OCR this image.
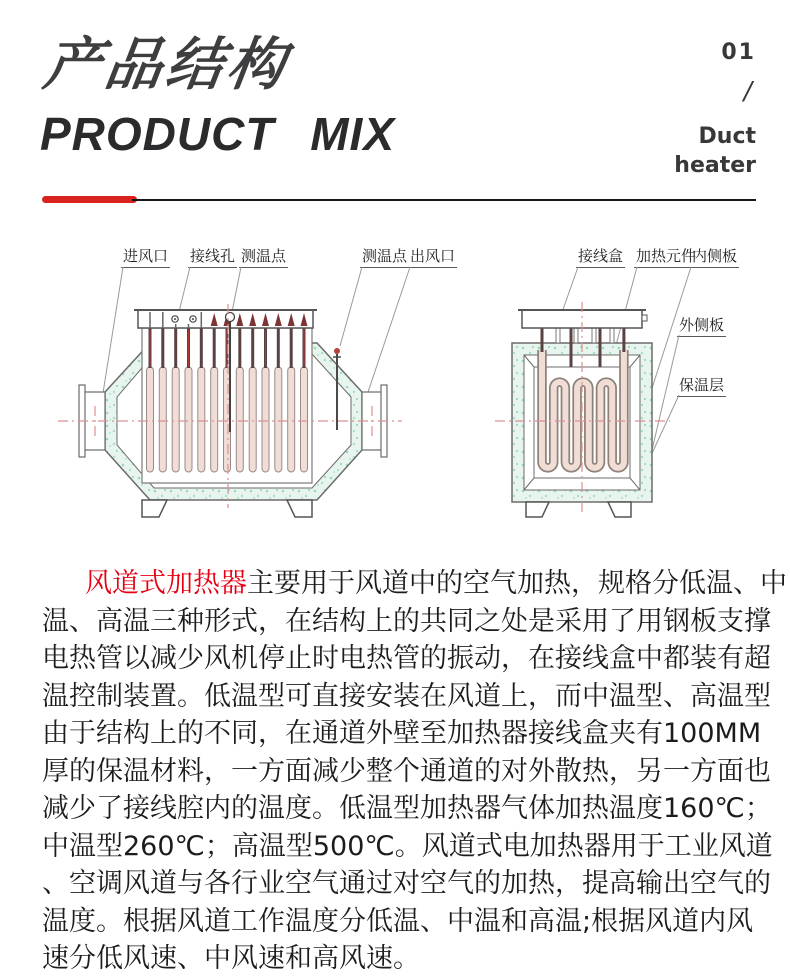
产品结构
PRODUCT MIX
01
/
Duct
heater
进风口 接线孔 测温点	测温点 出风口	接线盒 加热元件
内侧板
外侧板
保温层
风道式加热器主要用于风道中的空气加热，规格分低温、中
温、高温三种形式，在结构上的共同之处是采用了用钢板支撑
电热管以减少风机停止时电热管的振动，在接线盒中都装有超
温控制装置。低温型可直接安装在风道上，而中温型、高温型
由于结构上的不同，在通道外壁至加热器接线盒夹有100MM
厚的保温材料，一方面减少整个通道的对外散热，另一方面也
减少了接线腔内的温度。低温型加热器气体加热温度160℃；
中温型260℃；高温型500℃。风道式电加热器用于工业风道
、空调风道与各行业空气通过对空气的加热，提高输出空气的
温度。根据风道工作温度分低温、中温和高温;根据风道内风
速分低风速、中风速和高风速。
